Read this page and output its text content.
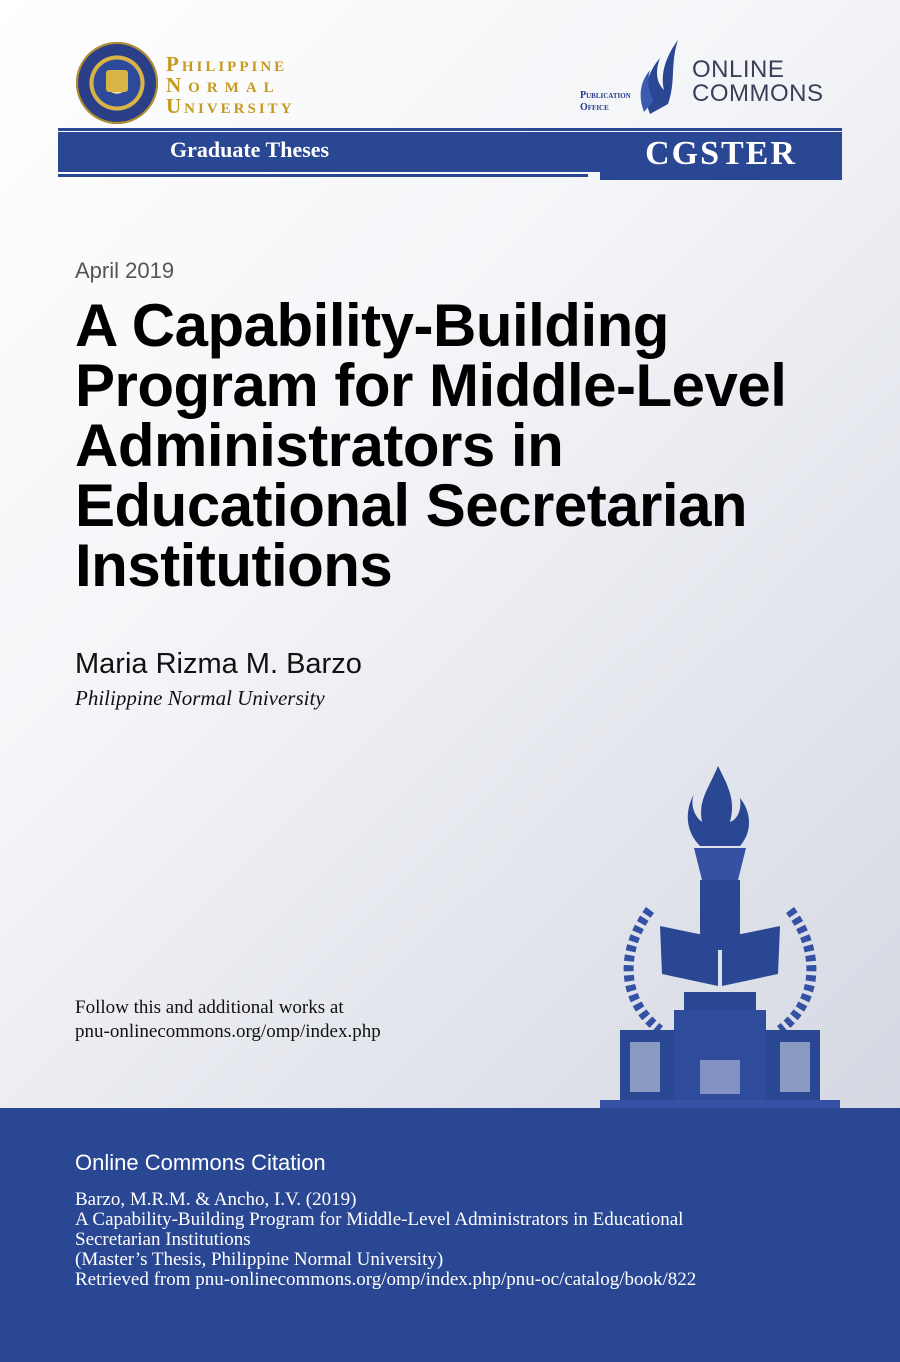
Philippine
Normal
University	Publication
Office
ONLINE
COMMONS
Graduate Theses	CGSTER
April 2019
A Capability-Building Program for Middle-Level Administrators in Educational Secretarian Institutions
Maria Rizma M. Barzo
Philippine Normal University
Follow this and additional works at
pnu-onlinecommons.org/omp/index.php
Online Commons Citation
Barzo, M.R.M. & Ancho, I.V. (2019)
A Capability-Building Program for Middle-Level Administrators in Educational
Secretarian Institutions
(Master’s Thesis, Philippine Normal University)
Retrieved from pnu-onlinecommons.org/omp/index.php/pnu-oc/catalog/book/822
